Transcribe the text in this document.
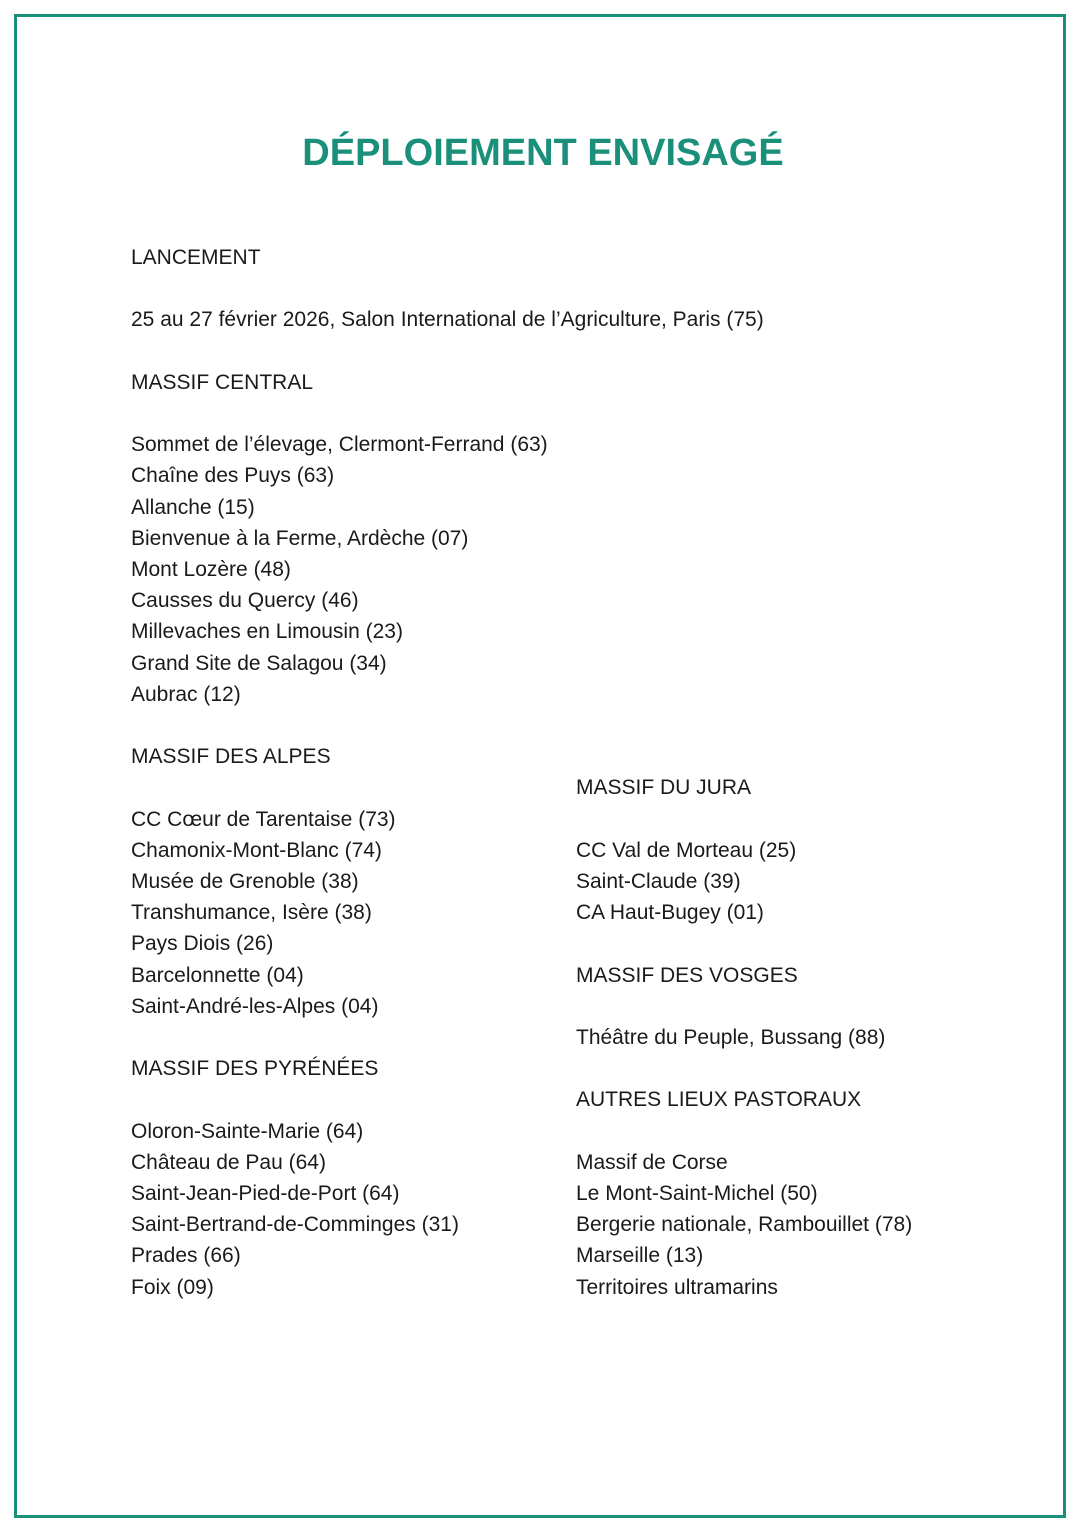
DÉPLOIEMENT ENVISAGÉ
LANCEMENT
25 au 27 février 2026, Salon International de l’Agriculture, Paris (75)
MASSIF CENTRAL
Sommet de l’élevage, Clermont-Ferrand (63)
Chaîne des Puys (63)
Allanche (15)
Bienvenue à la Ferme, Ardèche (07)
Mont Lozère (48)
Causses du Quercy (46)
Millevaches en Limousin (23)
Grand Site de Salagou (34)
Aubrac (12)
MASSIF DES ALPES
CC Cœur de Tarentaise (73)
Chamonix-Mont-Blanc (74)
Musée de Grenoble (38)
Transhumance, Isère (38)
Pays Diois (26)
Barcelonnette (04)
Saint-André-les-Alpes (04)
MASSIF DES PYRÉNÉES
Oloron-Sainte-Marie (64)
Château de Pau (64)
Saint-Jean-Pied-de-Port (64)
Saint-Bertrand-de-Comminges (31)
Prades (66)
Foix (09)
MASSIF DU JURA
CC Val de Morteau (25)
Saint-Claude (39)
CA Haut-Bugey (01)
MASSIF DES VOSGES
Théâtre du Peuple, Bussang (88)
AUTRES LIEUX PASTORAUX
Massif de Corse
Le Mont-Saint-Michel (50)
Bergerie nationale, Rambouillet (78)
Marseille (13)
Territoires ultramarins
